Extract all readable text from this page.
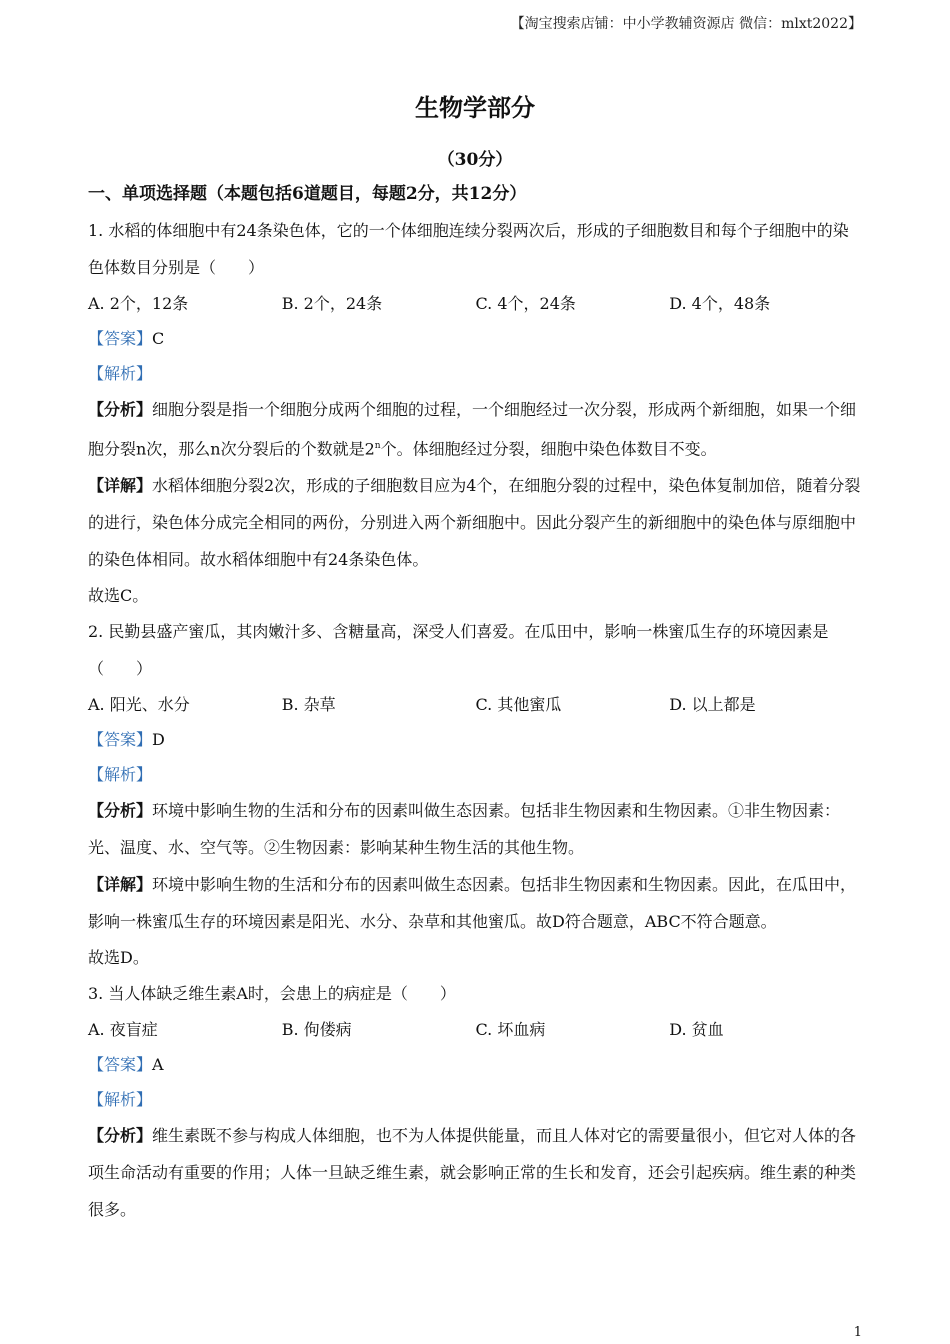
【淘宝搜索店铺：中小学教辅资源店 微信：mlxt2022】
生物学部分
（30分）
一、单项选择题（本题包括6道题目，每题2分，共12分）
1. 水稻的体细胞中有24条染色体，它的一个体细胞连续分裂两次后，形成的子细胞数目和每个子细胞中的染色体数目分别是（　　）
A. 2个，12条	B. 2个，24条	C. 4个，24条	D. 4个，48条
【答案】C
【解析】
【分析】细胞分裂是指一个细胞分成两个细胞的过程，一个细胞经过一次分裂，形成两个新细胞，如果一个细胞分裂n次，那么n次分裂后的个数就是2$^n$个。体细胞经过分裂，细胞中染色体数目不变。
【详解】水稻体细胞分裂2次，形成的子细胞数目应为4个，在细胞分裂的过程中，染色体复制加倍，随着分裂的进行，染色体分成完全相同的两份，分别进入两个新细胞中。因此分裂产生的新细胞中的染色体与原细胞中的染色体相同。故水稻体细胞中有24条染色体。
故选C。
2. 民勤县盛产蜜瓜，其肉嫩汁多、含糖量高，深受人们喜爱。在瓜田中，影响一株蜜瓜生存的环境因素是（　　）
A. 阳光、水分	B. 杂草	C. 其他蜜瓜	D. 以上都是
【答案】D
【解析】
【分析】环境中影响生物的生活和分布的因素叫做生态因素。包括非生物因素和生物因素。①非生物因素：光、温度、水、空气等。②生物因素：影响某种生物生活的其他生物。
【详解】环境中影响生物的生活和分布的因素叫做生态因素。包括非生物因素和生物因素。因此，在瓜田中，影响一株蜜瓜生存的环境因素是阳光、水分、杂草和其他蜜瓜。故D符合题意，ABC不符合题意。
故选D。
3. 当人体缺乏维生素A时，会患上的病症是（　　）
A. 夜盲症	B. 佝偻病	C. 坏血病	D. 贫血
【答案】A
【解析】
【分析】维生素既不参与构成人体细胞，也不为人体提供能量，而且人体对它的需要量很小，但它对人体的各项生命活动有重要的作用；人体一旦缺乏维生素，就会影响正常的生长和发育，还会引起疾病。维生素的种类很多。
1
